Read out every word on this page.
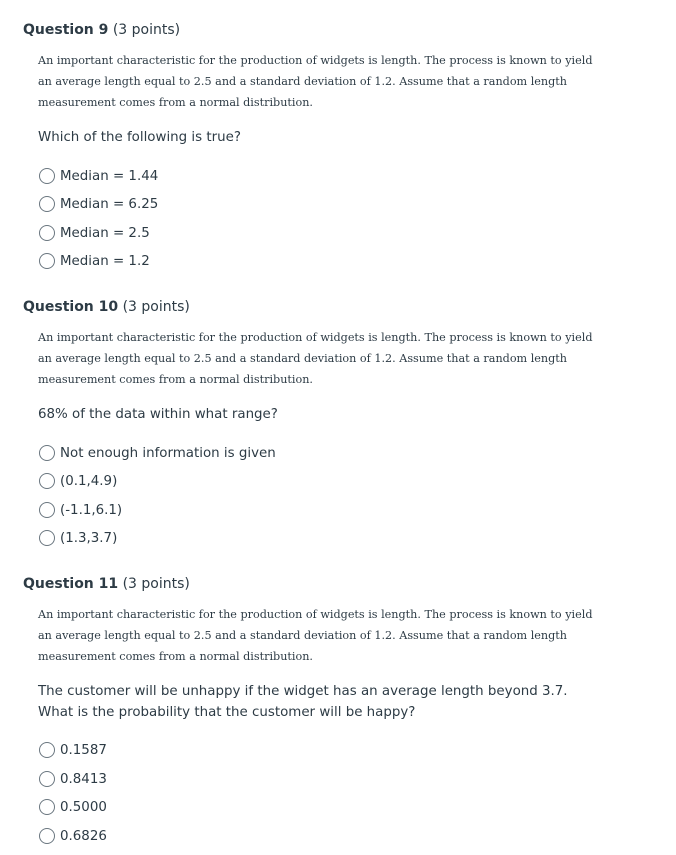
Question 9 (3 points)
An important characteristic for the production of widgets is length. The process is known to yield an average length equal to 2.5 and a standard deviation of 1.2. Assume that a random length measurement comes from a normal distribution.
Which of the following is true?
Median = 1.44
Median = 6.25
Median = 2.5
Median = 1.2
Question 10 (3 points)
An important characteristic for the production of widgets is length. The process is known to yield an average length equal to 2.5 and a standard deviation of 1.2. Assume that a random length measurement comes from a normal distribution.
68% of the data within what range?
Not enough information is given
(0.1,4.9)
(-1.1,6.1)
(1.3,3.7)
Question 11 (3 points)
An important characteristic for the production of widgets is length. The process is known to yield an average length equal to 2.5 and a standard deviation of 1.2. Assume that a random length measurement comes from a normal distribution.
The customer will be unhappy if the widget has an average length beyond 3.7. What is the probability that the customer will be happy?
0.1587
0.8413
0.5000
0.6826
